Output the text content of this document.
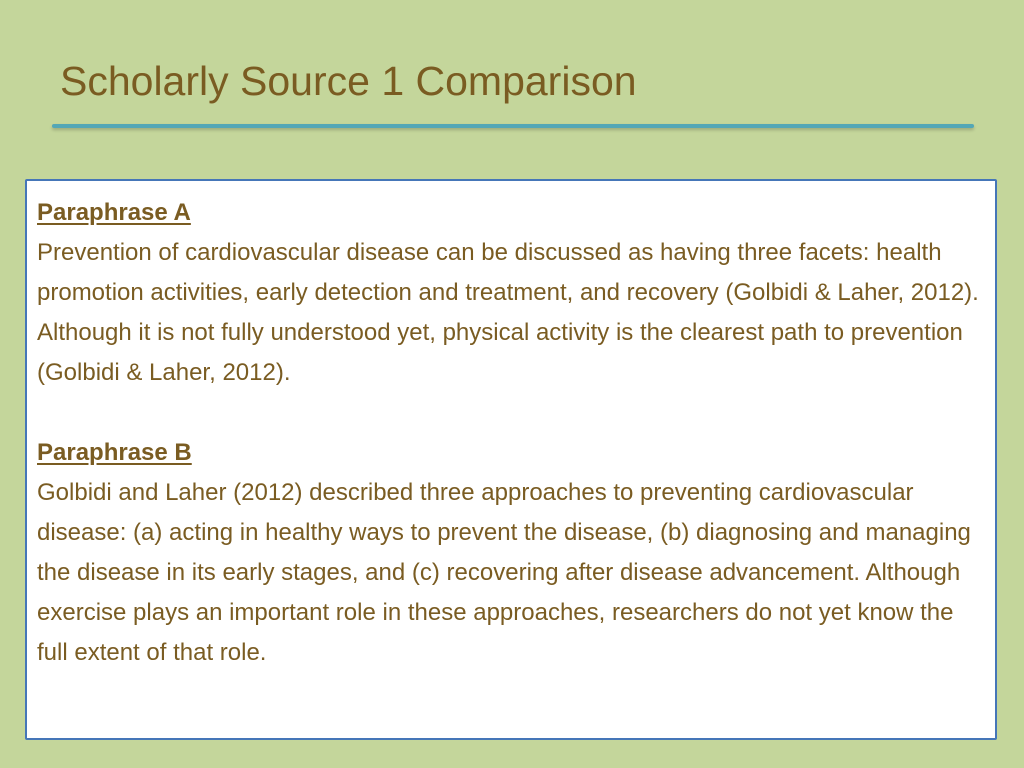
Scholarly Source 1 Comparison
Paraphrase A

Prevention of cardiovascular disease can be discussed as having three facets: health promotion activities, early detection and treatment, and recovery (Golbidi & Laher, 2012). Although it is not fully understood yet, physical activity is the clearest path to prevention (Golbidi & Laher, 2012).

Paraphrase B

Golbidi and Laher (2012) described three approaches to preventing cardiovascular disease: (a) acting in healthy ways to prevent the disease, (b) diagnosing and managing the disease in its early stages, and (c) recovering after disease advancement. Although exercise plays an important role in these approaches, researchers do not yet know the full extent of that role.
